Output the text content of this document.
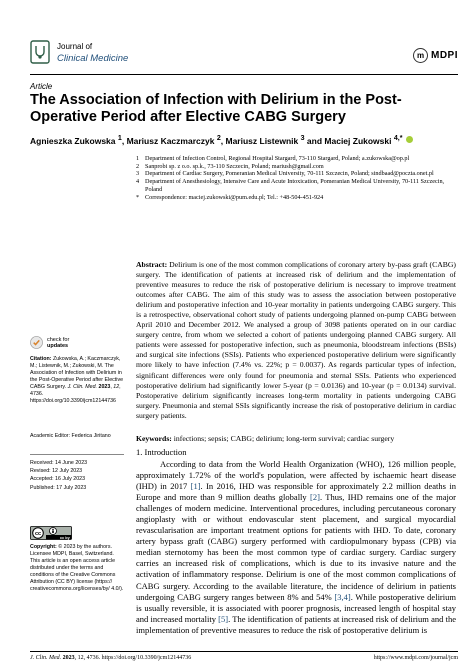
Journal of
Clinical Medicine	m MDPI
Article
The Association of Infection with Delirium in the Post-Operative Period after Elective CABG Surgery
Agnieszka Zukowska $^1$, Mariusz Kaczmarczyk $^2$, Mariusz Listewnik $^3$ and Maciej Zukowski $^{4,*}$
1 Department of Infection Control, Regional Hospital Stargard, 73-110 Stargard, Poland; a.zukowska@op.pl
2 Sanprobi sp. z o.o. sp.k., 73-110 Szczecin, Poland; mariush@gmail.com
3 Department of Cardiac Surgery, Pomeranian Medical University, 70-111 Szczecin, Poland; sindbaad@poczta.onet.pl
4 Department of Anesthesiology, Intensive Care and Acute Intoxication, Pomeranian Medical University, 70-111 Szczecin, Poland
* Correspondence: maciej.zukowski@pum.edu.pl; Tel.: +48-504-451-924
Abstract: Delirium is one of the most common complications of coronary artery by-pass graft (CABG) surgery. The identification of patients at increased risk of delirium and the implementation of preventive measures to reduce the risk of postoperative delirium is necessary to improve treatment outcomes after CABG. The aim of this study was to assess the association between postoperative delirium and postoperative infection and 10-year mortality in patients undergoing CABG surgery. This is a retrospective, observational cohort study of patients undergoing planned on-pump CABG between April 2010 and December 2012. We analysed a group of 3098 patients operated on in our cardiac surgery centre, from whom we selected a cohort of patients undergoing planned CABG surgery. All patients were assessed for postoperative infection, such as pneumonia, bloodstream infections (BSIs) and surgical site infections (SSIs). Patients who experienced postoperative delirium were significantly more likely to have infection (7.4% vs. 22%; p = 0.0037). As regards particular types of infection, significant differences were only found for pneumonia and sternal SSIs. Patients who experienced postoperative delirium had significantly lower 5-year (p = 0.0136) and 10-year (p = 0.0134) survival. Postoperative delirium significantly increases long-term mortality in patients undergoing CABG surgery. Pneumonia and sternal SSIs significantly increase the risk of postoperative delirium in cardiac surgery patients.
Keywords: infections; sepsis; CABG; delirium; long-term survival; cardiac surgery
1. Introduction

According to data from the World Health Organization (WHO), 126 million people, approximately 1.72% of the world's population, were affected by ischaemic heart disease (IHD) in 2017 [1]. In 2016, IHD was responsible for approximately 2.2 million deaths in Europe and more than 9 million deaths globally [2]. Thus, IHD remains one of the major challenges of modern medicine. Interventional procedures, including percutaneous coronary angioplasty with or without endovascular stent placement, and surgical myocardial revascularisation are important treatment options for patients with IHD. To date, coronary artery bypass graft (CABG) surgery performed with cardiopulmonary bypass (CPB) via median sternotomy has been the most common type of cardiac surgery. Cardiac surgery carries an increased risk of complications, which is due to its invasive nature and the activation of inflammatory response. Delirium is one of the most common complications of CABG surgery. According to the available literature, the incidence of delirium in patients undergoing CABG surgery ranges between 8% and 54% [3,4]. While postoperative delirium is usually reversible, it is associated with poorer prognosis, increased length of hospital stay and increased mortality [5]. The identification of patients at increased risk of delirium and the implementation of preventive measures to reduce the risk of postoperative delirium is

check for
updates
Citation: Zukowska, A.; Kaczmarczyk, M.; Listewnik, M.; Zukowski, M. The Association of Infection with Delirium in the Post-Operative Period after Elective CABG Surgery. J. Clin. Med. 2023, 12, 4736. https://doi.org/10.3390/jcm12144736
Academic Editor: Federica Jiritano
Received: 14 June 2023
Revised: 12 July 2023
Accepted: 16 July 2023
Published: 17 July 2023
cc
cc by
Copyright: © 2023 by the authors. Licensee MDPI, Basel, Switzerland. This article is an open access article distributed under the terms and conditions of the Creative Commons Attribution (CC BY) license (https:// creativecommons.org/licenses/by/ 4.0/).
J. Clin. Med. 2023, 12, 4736. https://doi.org/10.3390/jcm12144736	https://www.mdpi.com/journal/jcm
